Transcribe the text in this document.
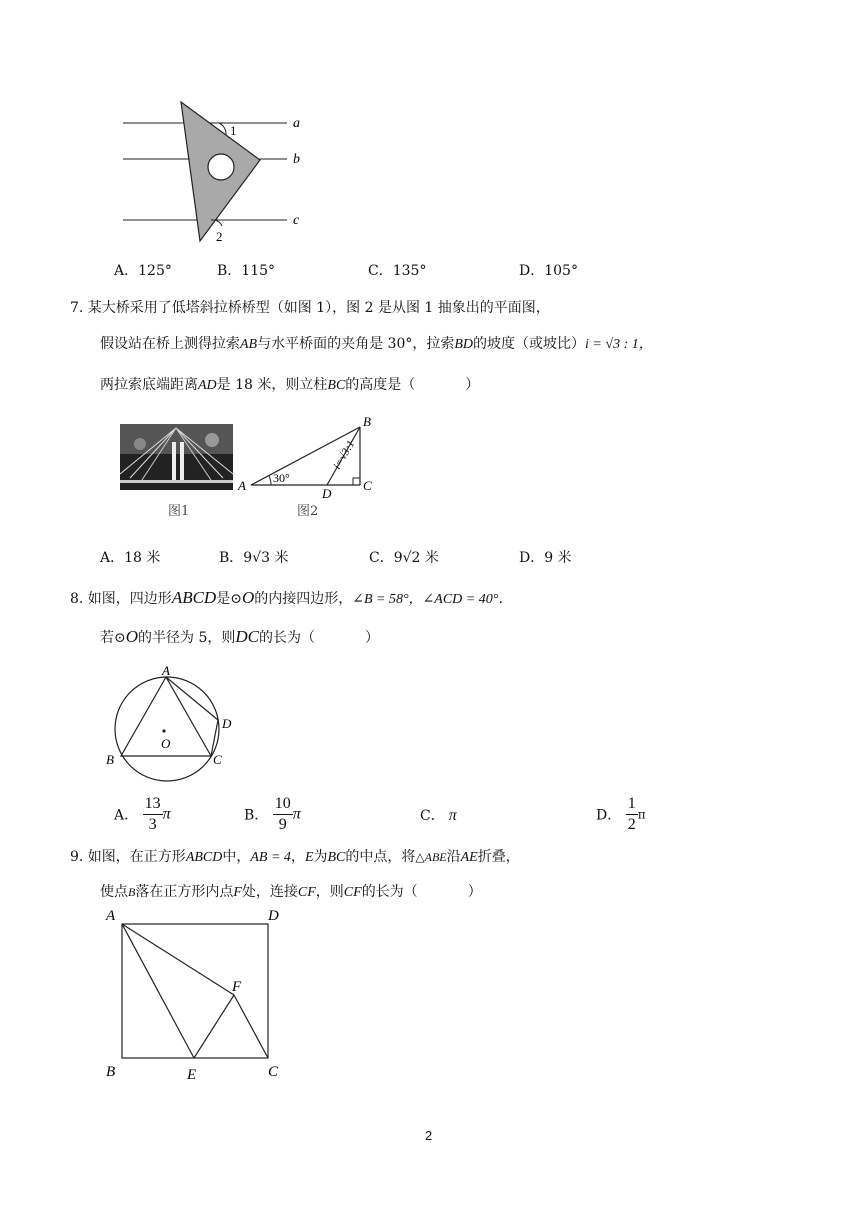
1
2
a
b
c
A．125°	B．115°	C．135°	D．105°
7. 某大桥采用了低塔斜拉桥桥型（如图 1），图 2 是从图 1 抽象出的平面图，
假设站在桥上测得拉索AB与水平桥面的夹角是 30°，拉索BD的坡度（或坡比）i = √3 : 1，
两拉索底端距离AD是 18 米，则立柱BC的高度是（	）
图1
A
B
C
D
30°
i=√3:1
图2
A．18 米	B．9√3 米	C．9√2 米	D．9 米
8. 如图，四边形ABCD是⊙O的内接四边形，∠B = 58°，∠ACD = 40°．
若⊙O的半径为 5，则DC的长为（	）
A
B	C
D
O
A． $\frac{13}{3}$ π	B． $\frac{10}{9}$ π	C． π	D． $\frac{1}{2}$ π
9. 如图，在正方形ABCD中，AB = 4，E为BC的中点，将△ABE沿AE折叠，
使点B落在正方形内点F处，连接CF，则CF的长为（	）
A	D
B	E	C
F
2
